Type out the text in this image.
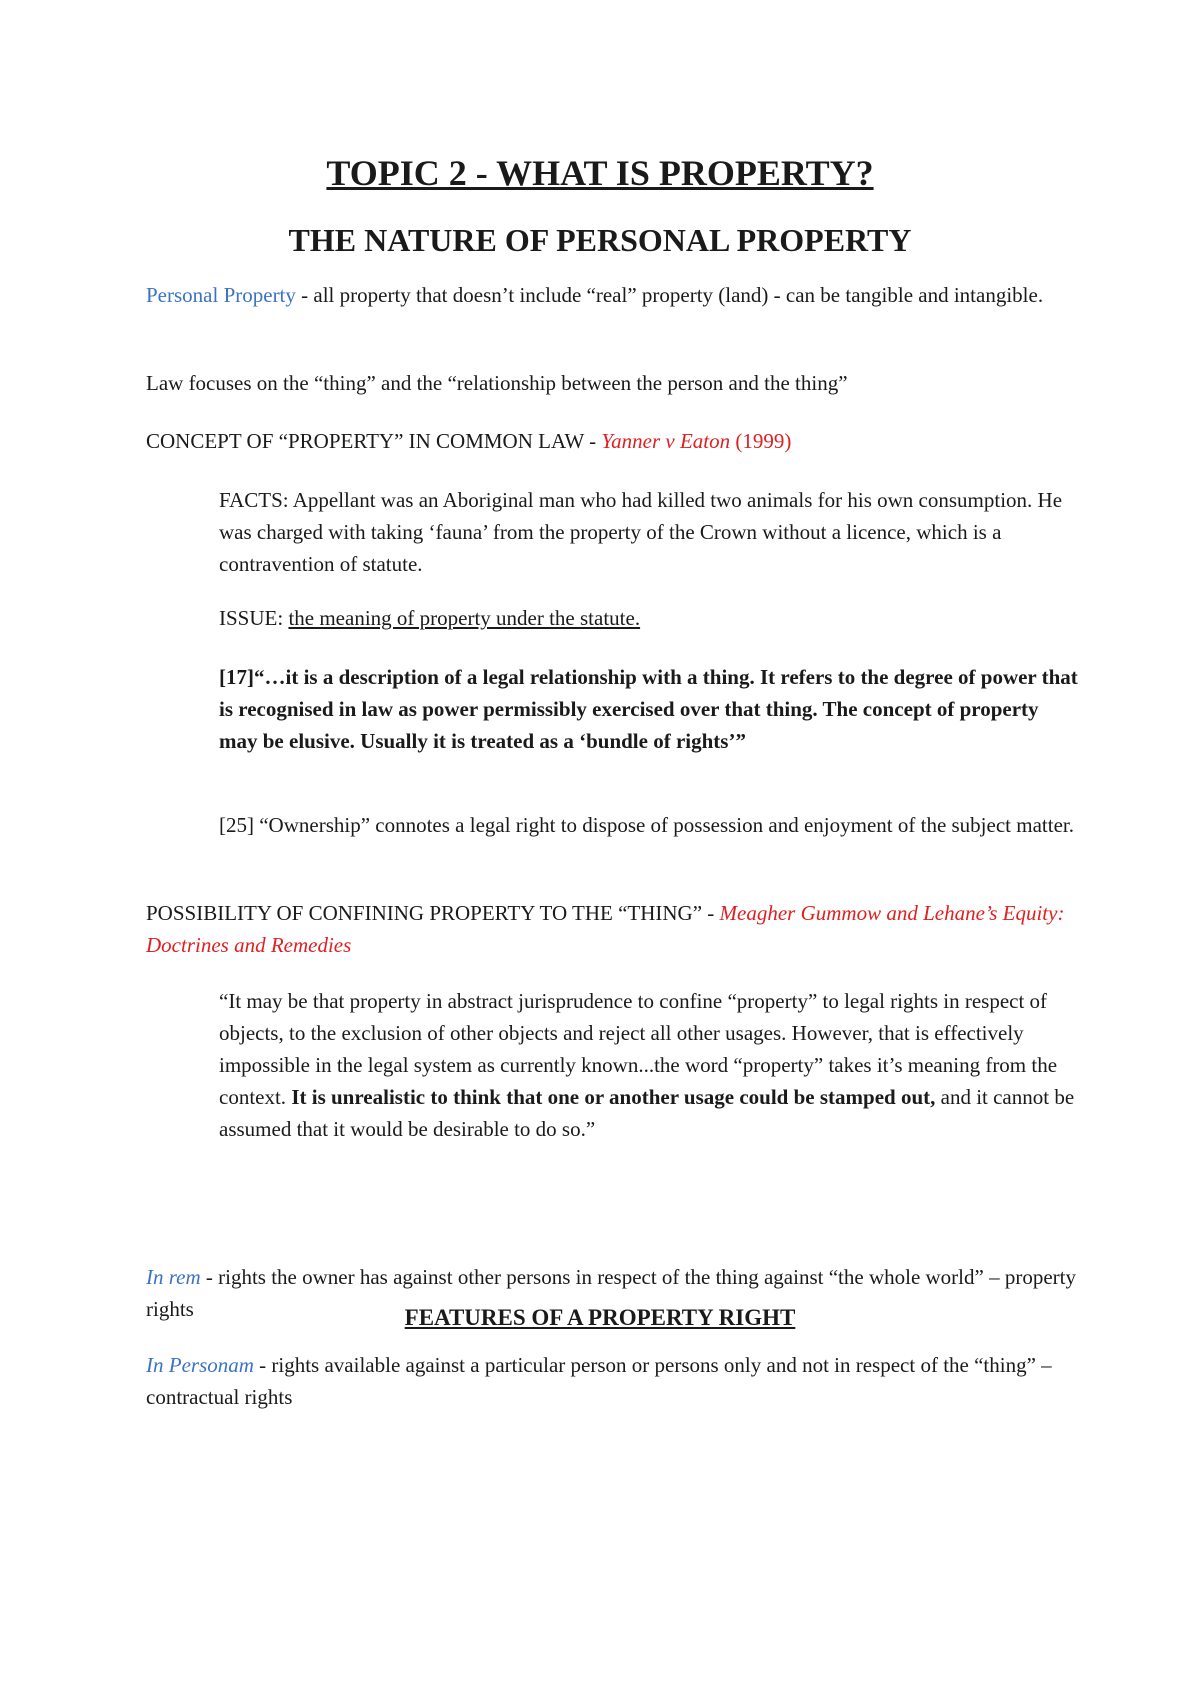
TOPIC 2 - WHAT IS PROPERTY?
THE NATURE OF PERSONAL PROPERTY

Personal Property - all property that doesn’t include “real” property (land) - can be tangible and intangible.

Law focuses on the “thing” and the “relationship between the person and the thing”

CONCEPT OF “PROPERTY” IN COMMON LAW - Yanner v Eaton (1999)

FACTS: Appellant was an Aboriginal man who had killed two animals for his own consumption. He was charged with taking ‘fauna’ from the property of the Crown without a licence, which is a contravention of statute.

ISSUE: the meaning of property under the statute.

[17]“…it is a description of a legal relationship with a thing. It refers to the degree of power that is recognised in law as power permissibly exercised over that thing. The concept of property may be elusive. Usually it is treated as a ‘bundle of rights’”

[25] “Ownership” connotes a legal right to dispose of possession and enjoyment of the subject matter.

POSSIBILITY OF CONFINING PROPERTY TO THE “THING” - Meagher Gummow and Lehane’s Equity: Doctrines and Remedies

“It may be that property in abstract jurisprudence to confine “property” to legal rights in respect of objects, to the exclusion of other objects and reject all other usages. However, that is effectively impossible in the legal system as currently known...the word “property” takes it’s meaning from the context. It is unrealistic to think that one or another usage could be stamped out, and it cannot be assumed that it would be desirable to do so.”

FEATURES OF A PROPERTY RIGHT

In rem - rights the owner has against other persons in respect of the thing against “the whole world” – property rights

In Personam - rights available against a particular person or persons only and not in respect of the “thing” – contractual rights
